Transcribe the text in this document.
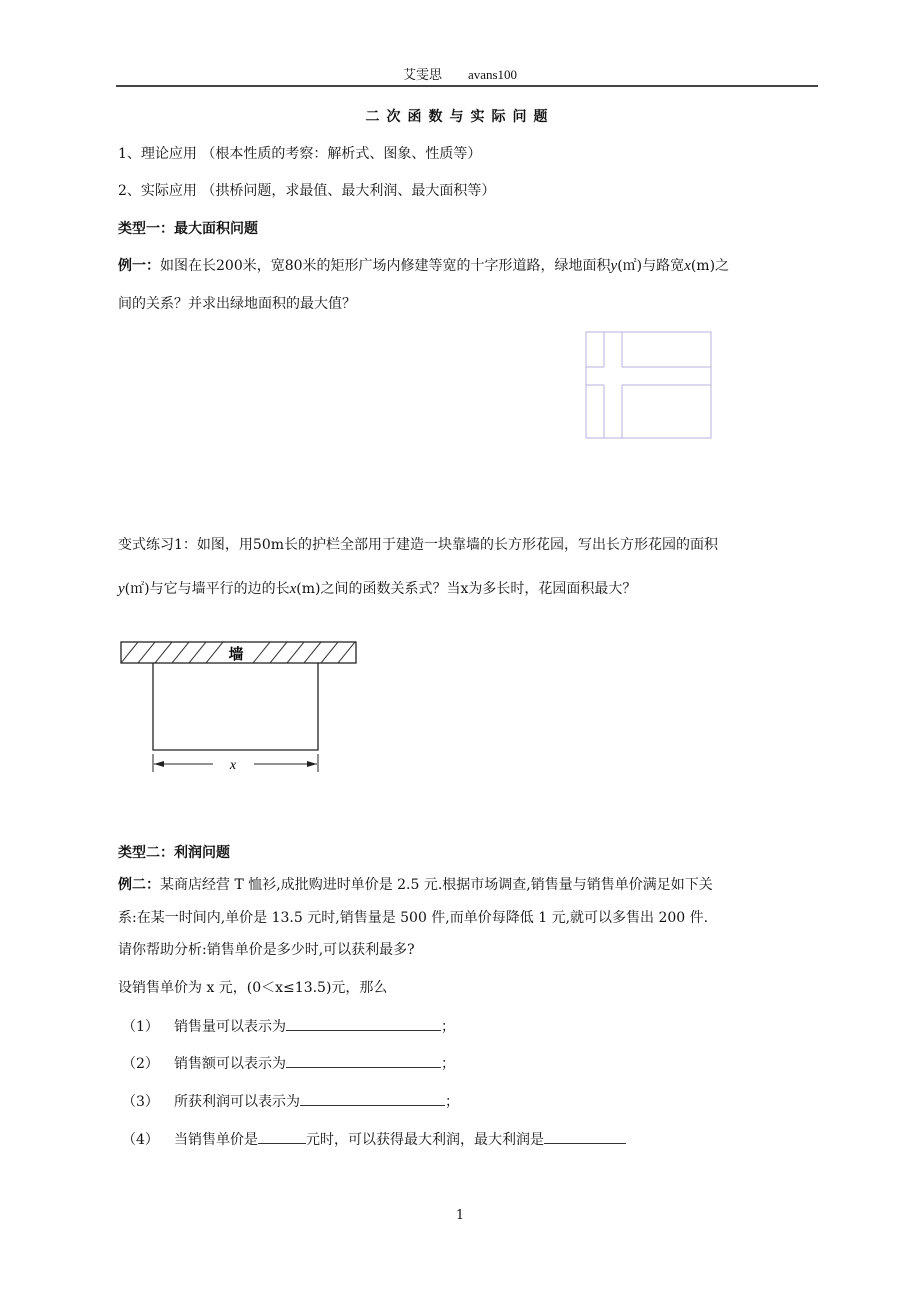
艾雯思 avans100
二次函数与实际问题
1、理论应用 （根本性质的考察：解析式、图象、性质等）
2、实际应用 （拱桥问题，求最值、最大利润、最大面积等）
类型一：最大面积问题
例一：如图在长200米，宽80米的矩形广场内修建等宽的十字形道路，绿地面积y(㎡)与路宽x(m)之
间的关系？并求出绿地面积的最大值？
变式练习1：如图，用50m长的护栏全部用于建造一块靠墙的长方形花园，写出长方形花园的面积
y(㎡)与它与墙平行的边的长x(m)之间的函数关系式？当x为多长时，花园面积最大？
墙
x
类型二：利润问题
例二：某商店经营 T 恤衫,成批购进时单价是 2.5 元.根据市场调查,销售量与销售单价满足如下关
系:在某一时间内,单价是 13.5 元时,销售量是 500 件,而单价每降低 1 元,就可以多售出 200 件.
请你帮助分析:销售单价是多少时,可以获利最多?
设销售单价为 x 元，(0＜x≤13.5)元，那么
（1） 销售量可以表示为	；
（2） 销售额可以表示为	；
（3） 所获利润可以表示为	；
（4） 当销售单价是	元时，可以获得最大利润，最大利润是
1
